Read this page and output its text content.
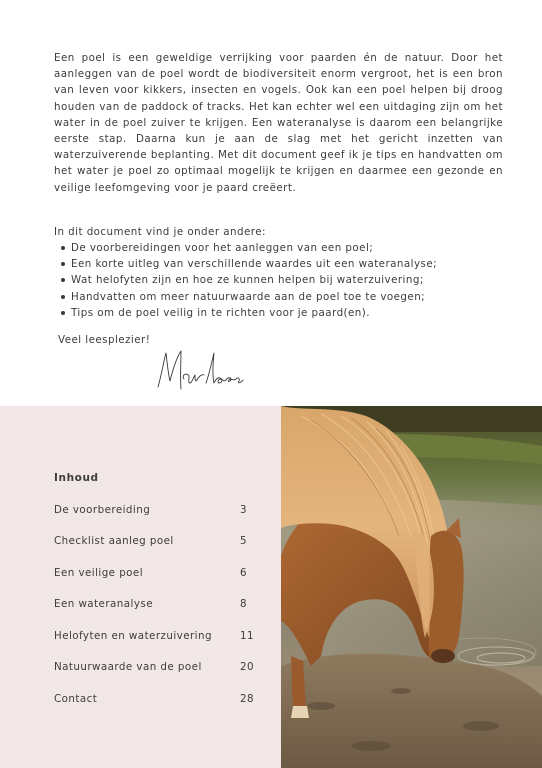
Een poel is een geweldige verrijking voor paarden én de natuur. Door het aanleggen van de poel wordt de biodiversiteit enorm vergroot, het is een bron van leven voor kikkers, insecten en vogels. Ook kan een poel helpen bij droog houden van de paddock of tracks. Het kan echter wel een uitdaging zijn om het water in de poel zuiver te krijgen. Een wateranalyse is daarom een belangrijke eerste stap. Daarna kun je aan de slag met het gericht inzetten van waterzuiverende beplanting. Met dit document geef ik je tips en handvatten om het water je poel zo optimaal mogelijk te krijgen en daarmee een gezonde en veilige leefomgeving voor je paard creëert.

In dit document vind je onder andere:

De voorbereidingen voor het aanleggen van een poel;
Een korte uitleg van verschillende waardes uit een wateranalyse;
Wat helofyten zijn en hoe ze kunnen helpen bij waterzuivering;
Handvatten om meer natuurwaarde aan de poel toe te voegen;
Tips om de poel veilig in te richten voor je paard(en).

Veel leesplezier!

Inhoud
De voorbereiding	3
Checklist aanleg poel	5
Een veilige poel	6
Een wateranalyse	8
Helofyten en waterzuivering	11
Natuurwaarde van de poel	20
Contact	28
